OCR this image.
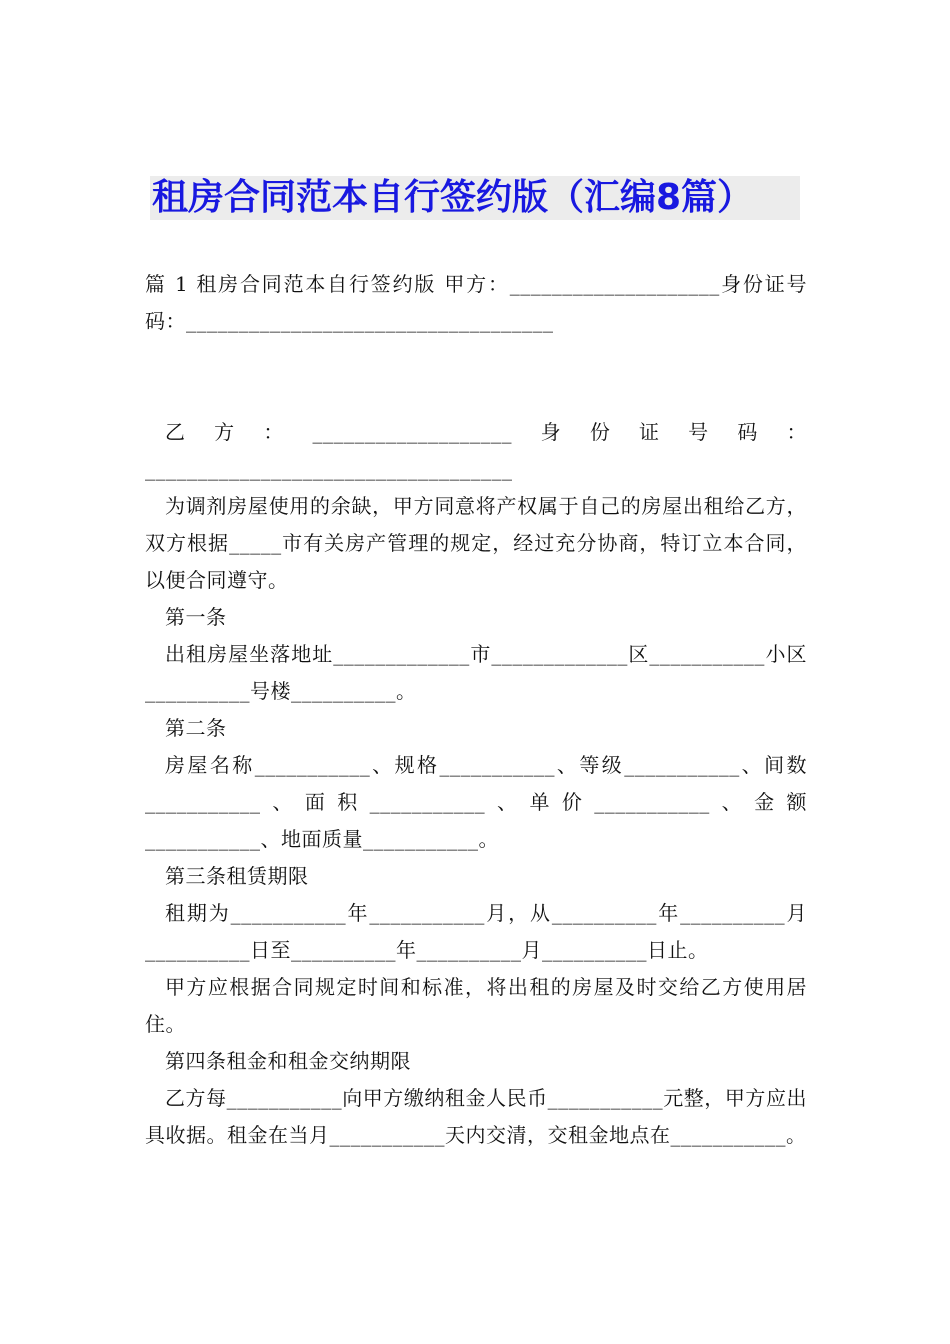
租房合同范本自行签约版（汇编8篇）

篇 1 租房合同范本自行签约版 甲方：____________________身份证号码：___________________________________

乙方：___________________身份证号码：___________________________________

为调剂房屋使用的余缺，甲方同意将产权属于自己的房屋出租给乙方，双方根据_____市有关房产管理的规定，经过充分协商，特订立本合同，以便合同遵守。

第一条

出租房屋坐落地址_____________市_____________区___________小区__________号楼__________。

第二条

房屋名称___________、规格___________、等级___________、间数___________、面积___________、单价___________、金额___________、地面质量___________。

第三条租赁期限

租期为___________年___________月，从__________年__________月__________日至__________年__________月__________日止。

甲方应根据合同规定时间和标准，将出租的房屋及时交给乙方使用居住。

第四条租金和租金交纳期限

乙方每___________向甲方缴纳租金人民币___________元整，甲方应出具收据。租金在当月___________天内交清，交租金地点在___________。
